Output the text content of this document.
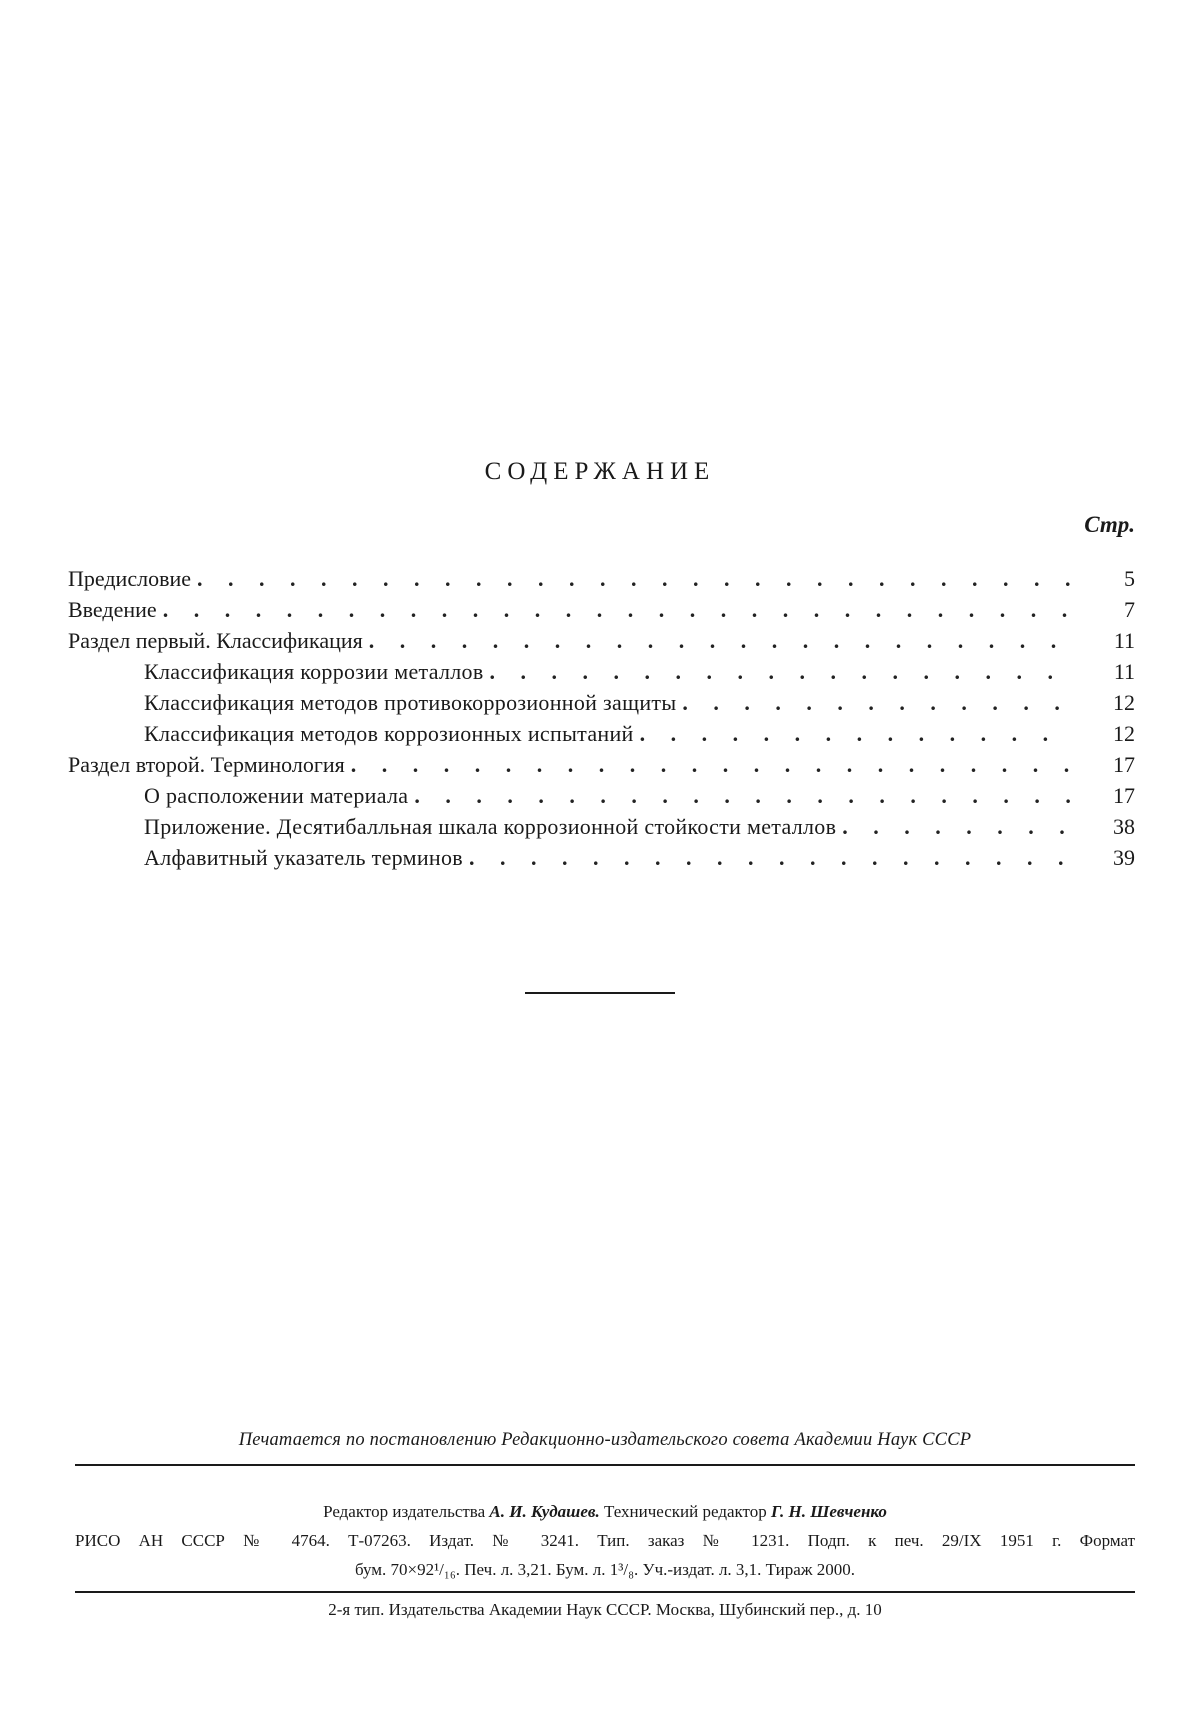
СОДЕРЖАНИЕ
Стр.
Предисловие . . .	5
Введение . . .	7
Раздел первый. Классификация . . .	11
Классификация коррозии металлов . . .	11
Классификация методов противокоррозионной защиты . . .	12
Классификация методов коррозионных испытаний . . .	12
Раздел второй. Терминология . . .	17
О расположении материала . . .	17
Приложение. Десятибалльная шкала коррозионной стойкости металлов . . .	38
Алфавитный указатель терминов . . .	39
Печатается по постановлению Редакционно-издательского совета Академии Наук СССР
Редактор издательства А. И. Кудашев. Технический редактор Г. Н. Шевченко
РИСО АН СССР № 4764. Т-07263. Издат. № 3241. Тип. заказ № 1231. Подп. к печ. 29/IX 1951 г. Формат
бум. 70×92¹/₁₆. Печ. л. 3,21. Бум. л. 1³/₈. Уч.-издат. л. 3,1. Тираж 2000.
2-я тип. Издательства Академии Наук СССР. Москва, Шубинский пер., д. 10
